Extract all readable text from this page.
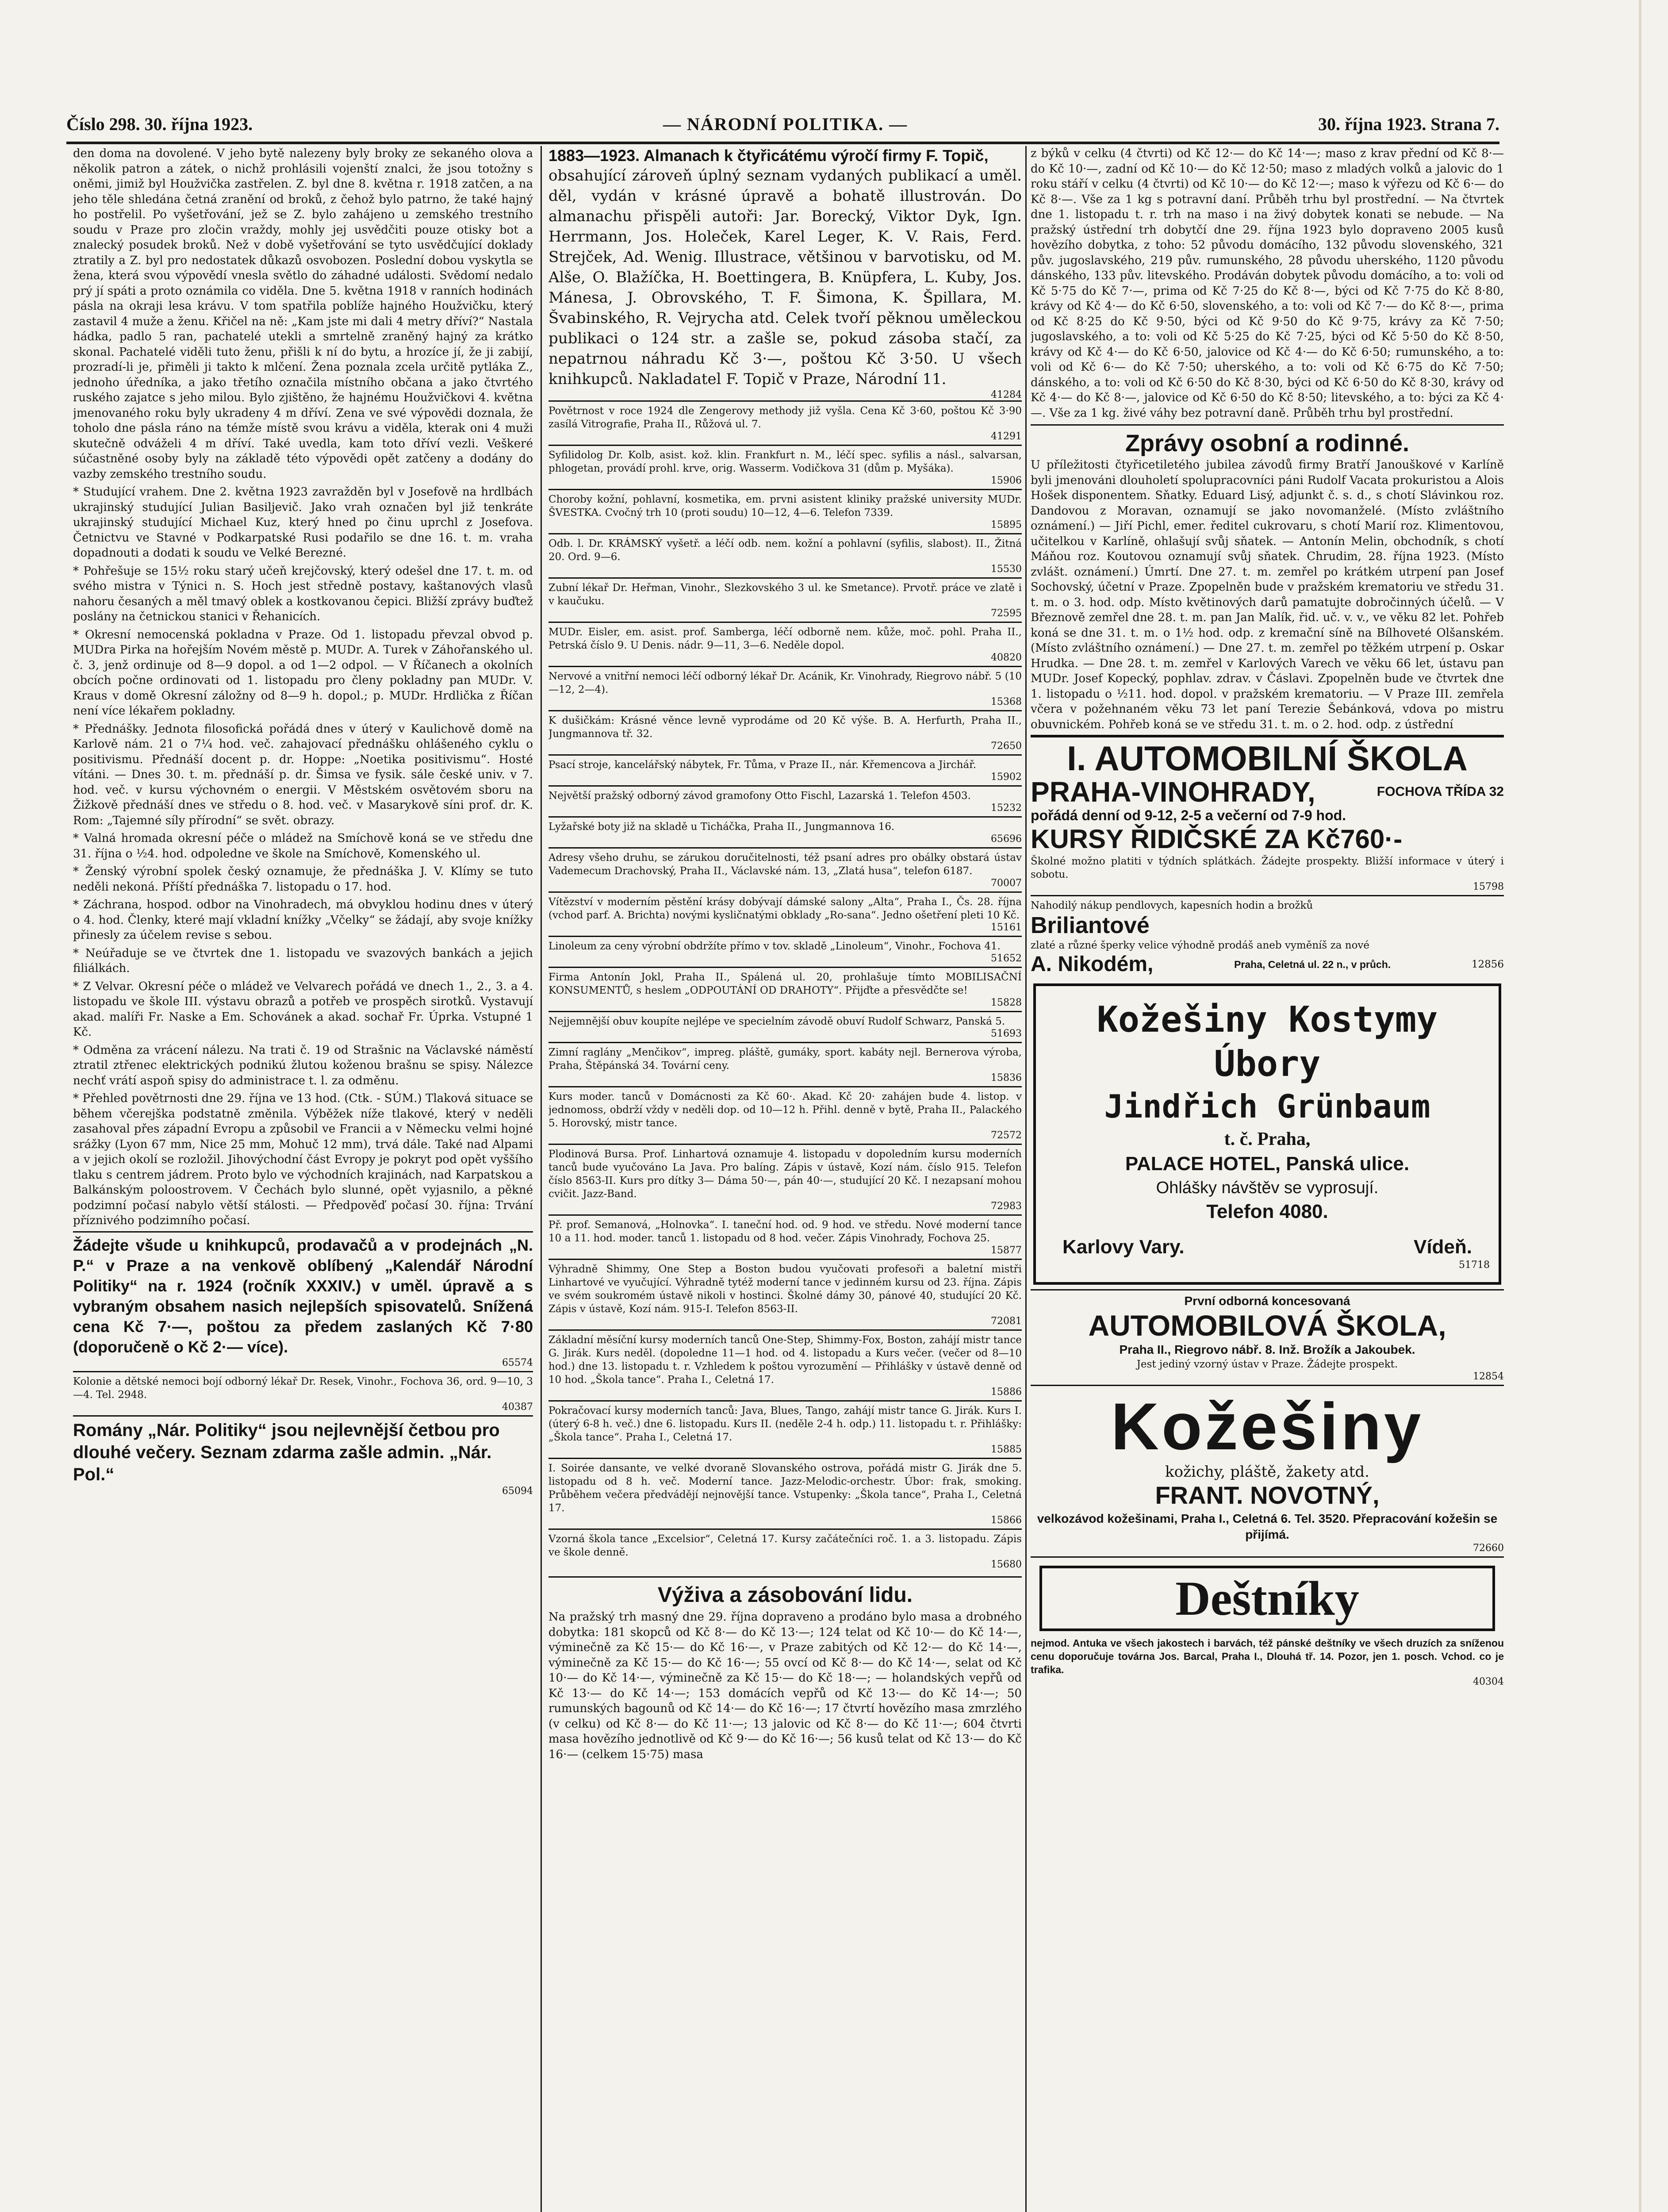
Číslo 298. 30. října 1923.	— NÁRODNÍ POLITIKA. —	30. října 1923. Strana 7.

den doma na dovolené. V jeho bytě nalezeny byly broky ze sekaného olova a několik patron a zátek, o nichž prohlásili vojenští znalci, že jsou totožny s oněmi, jimiž byl Houžvička zastřelen. Z. byl dne 8. května r. 1918 zatčen, a na jeho těle shledána četná zranění od broků, z čehož bylo patrno, že také hajný ho postřelil. Po vyšetřování, jež se Z. bylo zahájeno u zemského trestního soudu v Praze pro zločin vraždy, mohly jej usvědčiti pouze otisky bot a znalecký posudek broků. Než v době vyšetřování se tyto usvědčující doklady ztratily a Z. byl pro nedostatek důkazů osvobozen. Poslední dobou vyskytla se žena, která svou výpovědí vnesla světlo do záhadné události. Svědomí nedalo prý jí spáti a proto oznámila co viděla. Dne 5. května 1918 v ranních hodinách pásla na okraji lesa krávu. V tom spatřila poblíže hajného Houžvičku, který zastavil 4 muže a ženu. Křičel na ně: „Kam jste mi dali 4 metry dříví?“ Nastala hádka, padlo 5 ran, pachatelé utekli a smrtelně zraněný hajný za krátko skonal. Pachatelé viděli tuto ženu, přišli k ní do bytu, a hrozíce jí, že ji zabijí, prozradí-li je, přiměli ji takto k mlčení. Žena poznala zcela určitě pytláka Z., jednoho úředníka, a jako třetího označila místního občana a jako čtvrtého ruského zajatce s jeho milou. Bylo zjištěno, že hajnému Houžvičkovi 4. května jmenovaného roku byly ukradeny 4 m dříví. Zena ve své výpovědi doznala, že toholo dne pásla ráno na témže místě svou krávu a viděla, kterak oni 4 muži skutečně odváželi 4 m dříví. Také uvedla, kam toto dříví vezli. Veškeré súčastněné osoby byly na základě této výpovědi opět zatčeny a dodány do vazby zemského trestního soudu.

* Studující vrahem. Dne 2. května 1923 zavražděn byl v Josefově na hrdlbách ukrajinský studující Julian Basiljevič. Jako vrah označen byl již tenkráte ukrajinský studující Michael Kuz, který hned po činu uprchl z Josefova. Četnictvu ve Stavné v Podkarpatské Rusi podařilo se dne 16. t. m. vraha dopadnouti a dodati k soudu ve Velké Berezné.

* Pohřešuje se 15½ roku starý učeň krejčovský, který odešel dne 17. t. m. od svého mistra v Týnici n. S. Hoch jest středně postavy, kaštanových vlasů nahoru česaných a měl tmavý oblek a kostkovanou čepici. Bližší zprávy buďtež poslány na četnickou stanici v Řehanicích.

* Okresní nemocenská pokladna v Praze. Od 1. listopadu převzal obvod p. MUDra Pirka na hořejším Novém městě p. MUDr. A. Turek v Záhořanského ul. č. 3, jenž ordinuje od 8—9 dopol. a od 1—2 odpol. — V Říčanech a okolních obcích počne ordinovati od 1. listopadu pro členy pokladny pan MUDr. V. Kraus v domě Okresní záložny od 8—9 h. dopol.; p. MUDr. Hrdlička z Říčan není více lékařem pokladny.

* Přednášky. Jednota filosofická pořádá dnes v úterý v Kaulichově domě na Karlově nám. 21 o 7¼ hod. več. zahajovací přednášku ohlášeného cyklu o positivismu. Přednáší docent p. dr. Hoppe: „Noetika positivismu“. Hosté vítáni. — Dnes 30. t. m. přednáší p. dr. Šimsa ve fysik. sále české univ. v 7. hod. več. v kursu výchovném o energii. V Městském osvětovém sboru na Žižkově přednáší dnes ve středu o 8. hod. več. v Masarykově síni prof. dr. K. Rom: „Tajemné síly přírodní“ se svět. obrazy.

* Valná hromada okresní péče o mládež na Smíchově koná se ve středu dne 31. října o ½4. hod. odpoledne ve škole na Smíchově, Komenského ul.

* Ženský výrobní spolek český oznamuje, že přednáška J. V. Klímy se tuto neděli nekoná. Příští přednáška 7. listopadu o 17. hod.

* Záchrana, hospod. odbor na Vinohradech, má obvyklou hodinu dnes v úterý o 4. hod. Členky, které mají vkladní knížky „Včelky“ se žádají, aby svoje knížky přinesly za účelem revise s sebou.

* Neúřaduje se ve čtvrtek dne 1. listopadu ve svazových bankách a jejich filiálkách.

* Z Velvar. Okresní péče o mládež ve Velvarech pořádá ve dnech 1., 2., 3. a 4. listopadu ve škole III. výstavu obrazů a potřeb ve prospěch sirotků. Vystavují akad. malíři Fr. Naske a Em. Schovánek a akad. sochař Fr. Úprka. Vstupné 1 Kč.

* Odměna za vrácení nálezu. Na trati č. 19 od Strašnic na Václavské náměstí ztratil ztřenec elektrických podnikú žlutou koženou brašnu se spisy. Nálezce nechť vrátí aspoň spisy do administrace t. l. za odměnu.

* Přehled povětrnosti dne 29. října ve 13 hod. (Ctk. - SÚM.) Tlaková situace se během včerejška podstatně změnila. Výběžek níže tlakové, který v neděli zasahoval přes západní Evropu a způsobil ve Francii a v Německu velmi hojné srážky (Lyon 67 mm, Nice 25 mm, Mohuč 12 mm), trvá dále. Také nad Alpami a v jejich okolí se rozložil. Jihovýchodní část Evropy je pokryt pod opět vyššího tlaku s centrem jádrem. Proto bylo ve východních krajinách, nad Karpatskou a Balkánským poloostrovem. V Čechách bylo slunné, opět vyjasnilo, a pěkné podzimní počasí nabylo větší stálosti. — Předpověď počasí 30. října: Trvání příznivého podzimního počasí.

Žádejte všude u knihkupců, prodavačů a v prodejnách „N. P.“ v Praze a na venkově oblíbený „Kalendář Národní Politiky“ na r. 1924 (ročník XXXIV.) v uměl. úpravě a s vybraným obsahem nasich nejlepších spisovatelů. Snížená cena Kč 7·—, poštou za předem zaslaných Kč 7·80 (doporučeně o Kč 2·— více).
65574
Kolonie a dětské nemoci bojí odborný lékař Dr. Resek, Vinohr., Fochova 36, ord. 9—10, 3—4. Tel. 2948.
40387
Romány „Nár. Politiky“ jsou nejlevnější četbou pro dlouhé večery. Seznam zdarma zašle admin. „Nár. Pol.“
65094
1883—1923. Almanach k čtyřicátému výročí firmy F. Topič,
obsahující zároveň úplný seznam vydaných publikací a uměl. děl, vydán v krásné úpravě a bohatě illustrován. Do almanachu přispěli autoři: Jar. Borecký, Viktor Dyk, Ign. Herrmann, Jos. Holeček, Karel Leger, K. V. Rais, Ferd. Strejček, Ad. Wenig. Illustrace, většinou v barvotisku, od M. Alše, O. Blažíčka, H. Boettingera, B. Knüpfera, L. Kuby, Jos. Mánesa, J. Obrovského, T. F. Šimona, K. Špillara, M. Švabinského, R. Vejrycha atd. Celek tvoří pěknou uměleckou publikaci o 124 str. a zašle se, pokud zásoba stačí, za nepatrnou náhradu Kč 3·—, poštou Kč 3·50. U všech knihkupců. Nakladatel F. Topič v Praze, Národní 11.
41284
Povětrnost v roce 1924 dle Zengerovy methody již vyšla. Cena Kč 3·60, poštou Kč 3·90 zasílá Vitrografie, Praha II., Růžová ul. 7.
41291
Syfilidolog Dr. Kolb, asist. kož. klin. Frankfurt n. M., léčí spec. syfilis a násl., salvarsan, phlogetan, provádí prohl. krve, orig. Wasserm. Vodičkova 31 (dům p. Myšáka).
15906
Choroby kožní, pohlavní, kosmetika, em. prvni asistent kliniky pražské university MUDr. ŠVESTKA. Cvočný trh 10 (proti soudu) 10—12, 4—6. Telefon 7339.
15895
Odb. l. Dr. KRÁMSKÝ vyšetř. a léčí odb. nem. kožní a pohlavní (syfilis, slabost). II., Žitná 20. Ord. 9—6.
15530
Zubní lékař Dr. Heřman, Vinohr., Slezkovského 3 ul. ke Smetance). Prvotř. práce ve zlatě i v kaučuku.
72595
MUDr. Eisler, em. asist. prof. Samberga, léčí odborně nem. kůže, moč. pohl. Praha II., Petrská číslo 9. U Denis. nádr. 9—11, 3—6. Neděle dopol.
40820
Nervové a vnitřní nemoci léčí odborný lékař Dr. Acánik, Kr. Vinohrady, Riegrovo nábř. 5 (10—12, 2—4).
15368
K dušičkám: Krásné věnce levně vyprodáme od 20 Kč výše. B. A. Herfurth, Praha II., Jungmannova tř. 32.
72650
Psací stroje, kancelářský nábytek, Fr. Tůma, v Praze II., nár. Křemencova a Jirchář.
15902
Největší pražský odborný závod gramofony Otto Fischl, Lazarská 1. Telefon 4503.
15232
Lyžařské boty již na skladě u Ticháčka, Praha II., Jungmannova 16.
65696
Adresy všeho druhu, se zárukou doručitelnosti, též psaní adres pro obálky obstará ústav Vademecum Drachovský, Praha II., Václavské nám. 13, „Zlatá husa“, telefon 6187.
70007
Vítězství v moderním pěstění krásy dobývají dámské salony „Alta“, Praha I., Čs. 28. října (vchod parf. A. Brichta) novými kysličnatými obklady „Ro-sana“. Jedno ošetření pleti 10 Kč.
15161
Linoleum za ceny výrobní obdržíte přímo v tov. skladě „Linoleum“, Vinohr., Fochova 41.
51652
Firma Antonín Jokl, Praha II., Spálená ul. 20, prohlašuje tímto MOBILISAČNÍ KONSUMENTŮ, s heslem „ODPOUTÁNÍ OD DRAHOTY“. Přijďte a přesvědčte se!
15828
Nejjemnější obuv koupíte nejlépe ve specielním závodě obuví Rudolf Schwarz, Panská 5.
51693
Zimní raglány „Menčikov“, impreg. pláště, gumáky, sport. kabáty nejl. Bernerova výroba, Praha, Štěpánská 34. Tovární ceny.
15836
Kurs moder. tanců v Domácnosti za Kč 60·. Akad. Kč 20· zahájen bude 4. listop. v jednomoss, obdrží vždy v neděli dop. od 10—12 h. Přihl. denně v bytě, Praha II., Palackého 5. Horovský, mistr tance.
72572
Plodinová Bursa. Prof. Linhartová oznamuje 4. listopadu v dopoledním kursu moderních tanců bude vyučováno La Java. Pro balíng. Zápis v ústavě, Kozí nám. číslo 915. Telefon číslo 8563-II. Kurs pro dítky 3— Dáma 50·—, pán 40·—, studující 20 Kč. I nezapsaní mohou cvičit. Jazz-Band.
72983
Př. prof. Semanová, „Holnovka“. I. taneční hod. od. 9 hod. ve středu. Nové moderní tance 10 a 11. hod. moder. tanců 1. listopadu od 8 hod. večer. Zápis Vinohrady, Fochova 25.
15877
Výhradně Shimmy, One Step a Boston budou vyučovati profesoři a baletní mistři Linhartové ve vyučující. Výhradně tytéž moderní tance v jedinném kursu od 23. října. Zápis ve svém soukromém ústavě nikoli v hostinci. Školné dámy 30, pánové 40, studující 20 Kč. Zápis v ústavě, Kozí nám. 915-I. Telefon 8563-II.
72081
Základní měsíční kursy moderních tanců One-Step, Shimmy-Fox, Boston, zahájí mistr tance G. Jirák. Kurs neděl. (dopoledne 11—1 hod. od 4. listopadu a Kurs večer. (večer od 8—10 hod.) dne 13. listopadu t. r. Vzhledem k poštou vyrozumění — Přihlášky v ústavě denně od 10 hod. „Škola tance“. Praha I., Celetná 17.
15886
Pokračovací kursy moderních tanců: Java, Blues, Tango, zahájí mistr tance G. Jirák. Kurs I. (úterý 6-8 h. več.) dne 6. listopadu. Kurs II. (neděle 2-4 h. odp.) 11. listopadu t. r. Přihlášky: „Škola tance“. Praha I., Celetná 17.
15885
I. Soirée dansante, ve velké dvoraně Slovanského ostrova, pořádá mistr G. Jirák dne 5. listopadu od 8 h. več. Moderní tance. Jazz-Melodic-orchestr. Úbor: frak, smoking. Průběhem večera předvádějí nejnovější tance. Vstupenky: „Škola tance“, Praha I., Celetná 17.
15866
Vzorná škola tance „Excelsior“, Celetná 17. Kursy začátečníci roč. 1. a 3. listopadu. Zápis ve škole denně.
15680
Výživa a zásobování lidu.

Na pražský trh masný dne 29. října dopraveno a prodáno bylo masa a drobného dobytka: 181 skopců od Kč 8·— do Kč 13·—; 124 telat od Kč 10·— do Kč 14·—, výminečně za Kč 15·— do Kč 16·—, v Praze zabitých od Kč 12·— do Kč 14·—, výminečně za Kč 15·— do Kč 16·—; 55 ovcí od Kč 8·— do Kč 14·—, selat od Kč 10·— do Kč 14·—, výminečně za Kč 15·— do Kč 18·—; — holandských vepřů od Kč 13·— do Kč 14·—; 153 domácích vepřů od Kč 13·— do Kč 14·—; 50 rumunských bagounů od Kč 14·— do Kč 16·—; 17 čtvrtí hovězího masa zmrzlého (v celku) od Kč 8·— do Kč 11·—; 13 jalovic od Kč 8·— do Kč 11·—; 604 čtvrti masa hovězího jednotlivě od Kč 9·— do Kč 16·—; 56 kusů telat od Kč 13·— do Kč 16·— (celkem 15·75) masa

z býků v celku (4 čtvrti) od Kč 12·— do Kč 14·—; maso z krav přední od Kč 8·— do Kč 10·—, zadní od Kč 10·— do Kč 12·50; maso z mladých volků a jalovic do 1 roku stáří v celku (4 čtvrti) od Kč 10·— do Kč 12·—; maso k výřezu od Kč 6·— do Kč 8·—. Vše za 1 kg s potravní daní. Průběh trhu byl prostřední. — Na čtvrtek dne 1. listopadu t. r. trh na maso i na živý dobytek konati se nebude. — Na pražský ústřední trh dobytčí dne 29. října 1923 bylo dopraveno 2005 kusů hovězího dobytka, z toho: 52 původu domácího, 132 původu slovenského, 321 pův. jugoslavského, 219 pův. rumunského, 28 původu uherského, 1120 původu dánského, 133 pův. litevského. Prodáván dobytek původu domácího, a to: voli od Kč 5·75 do Kč 7·—, prima od Kč 7·25 do Kč 8·—, býci od Kč 7·75 do Kč 8·80, krávy od Kč 4·— do Kč 6·50, slovenského, a to: voli od Kč 7·— do Kč 8·—, prima od Kč 8·25 do Kč 9·50, býci od Kč 9·50 do Kč 9·75, krávy za Kč 7·50; jugoslavského, a to: voli od Kč 5·25 do Kč 7·25, býci od Kč 5·50 do Kč 8·50, krávy od Kč 4·— do Kč 6·50, jalovice od Kč 4·— do Kč 6·50; rumunského, a to: voli od Kč 6·— do Kč 7·50; uherského, a to: voli od Kč 6·75 do Kč 7·50; dánského, a to: voli od Kč 6·50 do Kč 8·30, býci od Kč 6·50 do Kč 8·30, krávy od Kč 4·— do Kč 8·—, jalovice od Kč 6·50 do Kč 8·50; litevského, a to: býci za Kč 4·—. Vše za 1 kg. živé váhy bez potravní daně. Průběh trhu byl prostřední.

Zprávy osobní a rodinné.

U příležitosti čtyřicetiletého jubilea závodů firmy Bratří Janouškové v Karlíně byli jmenováni dlouholetí spolupracovníci páni Rudolf Vacata prokuristou a Alois Hošek disponentem. Sňatky. Eduard Lisý, adjunkt č. s. d., s chotí Slávinkou roz. Dandovou z Moravan, oznamují se jako novomanželé. (Místo zvláštního oznámení.) — Jiří Pichl, emer. ředitel cukrovaru, s chotí Marií roz. Klimentovou, učitelkou v Karlíně, ohlašují svůj sňatek. — Antonín Melin, obchodník, s chotí Máňou roz. Koutovou oznamují svůj sňatek. Chrudim, 28. října 1923. (Místo zvlášt. oznámení.) Úmrtí. Dne 27. t. m. zemřel po krátkém utrpení pan Josef Sochovský, účetní v Praze. Zpopelněn bude v pražském krematoriu ve středu 31. t. m. o 3. hod. odp. Místo květinových darů pamatujte dobročinných účelů. — V Březnově zemřel dne 28. t. m. pan Jan Malík, řid. uč. v. v., ve věku 82 let. Pohřeb koná se dne 31. t. m. o 1½ hod. odp. z kremační síně na Bílhoveté Olšanském. (Místo zvláštního oznámení.) — Dne 27. t. m. zemřel po těžkém utrpení p. Oskar Hrudka. — Dne 28. t. m. zemřel v Karlových Varech ve věku 66 let, ústavu pan MUDr. Josef Kopecký, pophlav. zdrav. v Čáslavi. Zpopelněn bude ve čtvrtek dne 1. listopadu o ½11. hod. dopol. v pražském krematoriu. — V Praze III. zemřela včera v požehnaném věku 73 let paní Terezie Šebánková, vdova po mistru obuvnickém. Pohřeb koná se ve středu 31. t. m. o 2. hod. odp. z ústřední

I. AUTOMOBILNÍ ŠKOLA
PRAHA-VINOHRADY,	FOCHOVA TŘÍDA 32
pořádá denní od 9-12, 2-5 a večerní od 7-9 hod.
KURSY ŘIDIČSKÉ ZA Kč760·-
Školné možno platiti v týdních splátkách. Žádejte prospekty. Bližší informace v úterý i sobotu.
15798
Nahodilý nákup pendlovych, kapesních hodin a brožků
Briliantové
zlaté a různé šperky velice výhodně prodáš aneb vyměníš za nové
A. Nikodém,	Praha, Celetná ul. 22 n., v průch.	12856
Kožešiny Kostymy
Úbory
Jindřich Grünbaum
t. č. Praha,
PALACE HOTEL, Panská ulice.
Ohlášky návštěv se vyprosují.
Telefon 4080.
Karlovy Vary.	Vídeň.
51718
První odborná koncesovaná
AUTOMOBILOVÁ ŠKOLA,
Praha II., Riegrovo nábř. 8. Inž. Brožík a Jakoubek.
Jest jediný vzorný ústav v Praze. Žádejte prospekt.
12854
Kožešiny
kožichy, pláště, žakety atd.
FRANT. NOVOTNÝ,
velkozávod kožešinami, Praha I., Celetná 6. Tel. 3520. Přepracování kožešin se přijímá.
72660
Deštníky
nejmod. Antuka ve všech jakostech i barvách, též pánské deštníky ve všech druzích za sníženou cenu doporučuje továrna Jos. Barcal, Praha I., Dlouhá tř. 14. Pozor, jen 1. posch. Vchod. co je trafika.
40304
